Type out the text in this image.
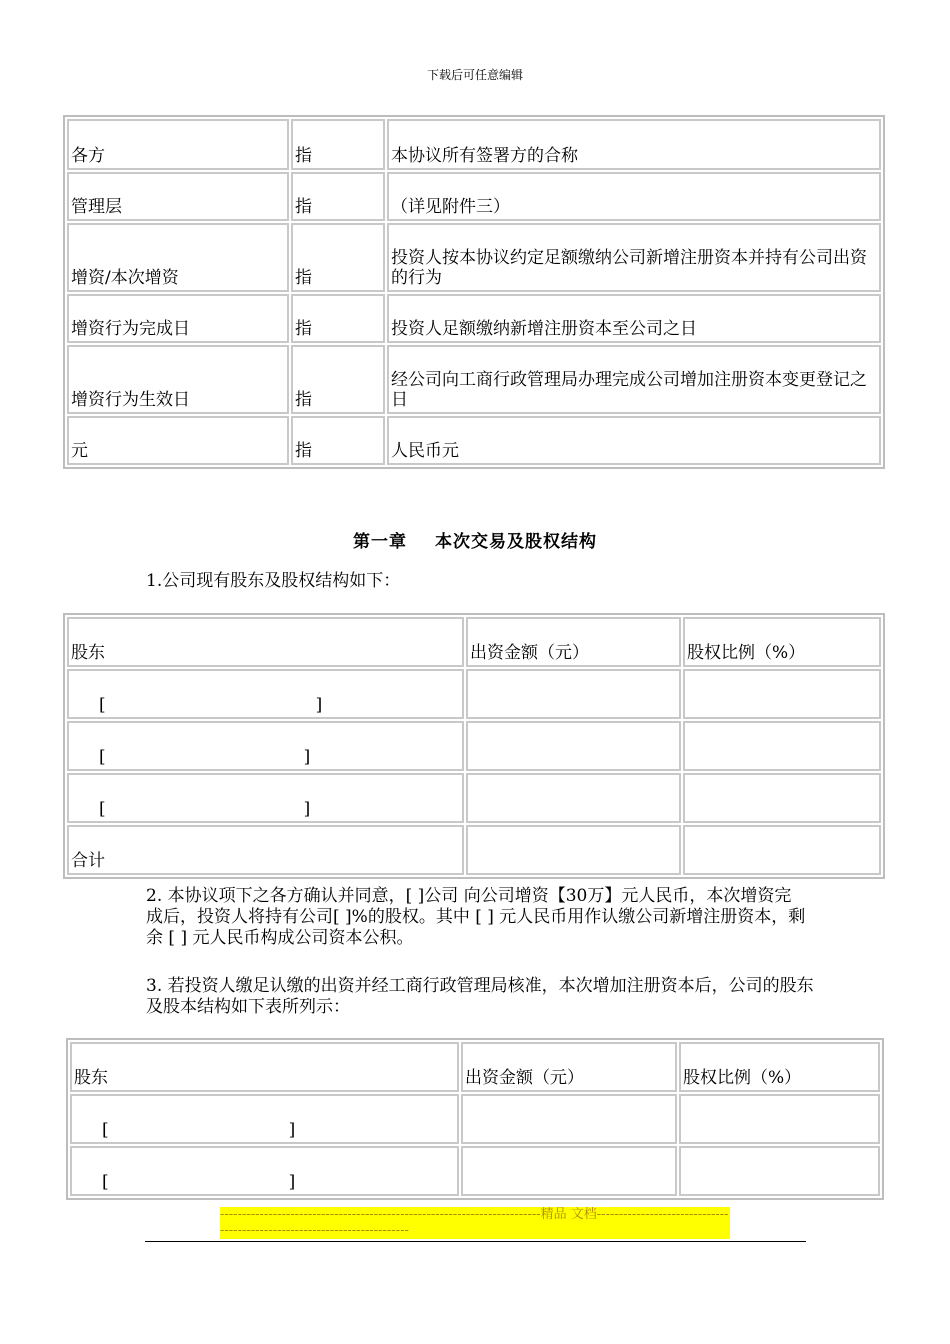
下载后可任意编辑
各方	指	本协议所有签署方的合称
管理层	指	（详见附件三）
增资/本次增资	指	投资人按本协议约定足额缴纳公司新增注册资本并持有公司出资的行为
增资行为完成日	指	投资人足额缴纳新增注册资本至公司之日
增资行为生效日	指	经公司向工商行政管理局办理完成公司增加注册资本变更登记之日
元	指	人民币元
第一章 本次交易及股权结构
1.公司现有股东及股权结构如下：
股东	出资金额（元）	股权比例（%）
[ ]		
[ ]		
[ ]		
合计		
2. 本协议项下之各方确认并同意，[ ]公司 向公司增资【30万】元人民币，本次增资完成后，投资人将持有公司[ ]%的股权。其中 [ ] 元人民币用作认缴公司新增注册资本，剩余 [ ] 元人民币构成公司资本公积。
3. 若投资人缴足认缴的出资并经工商行政管理局核准，本次增加注册资本后，公司的股东及股本结构如下表所列示：
股东	出资金额（元）	股权比例（%）
[ ]		
[ ]		
-------------------------------------------------------------------------精品 文档-------------------------------------------------------------------------
